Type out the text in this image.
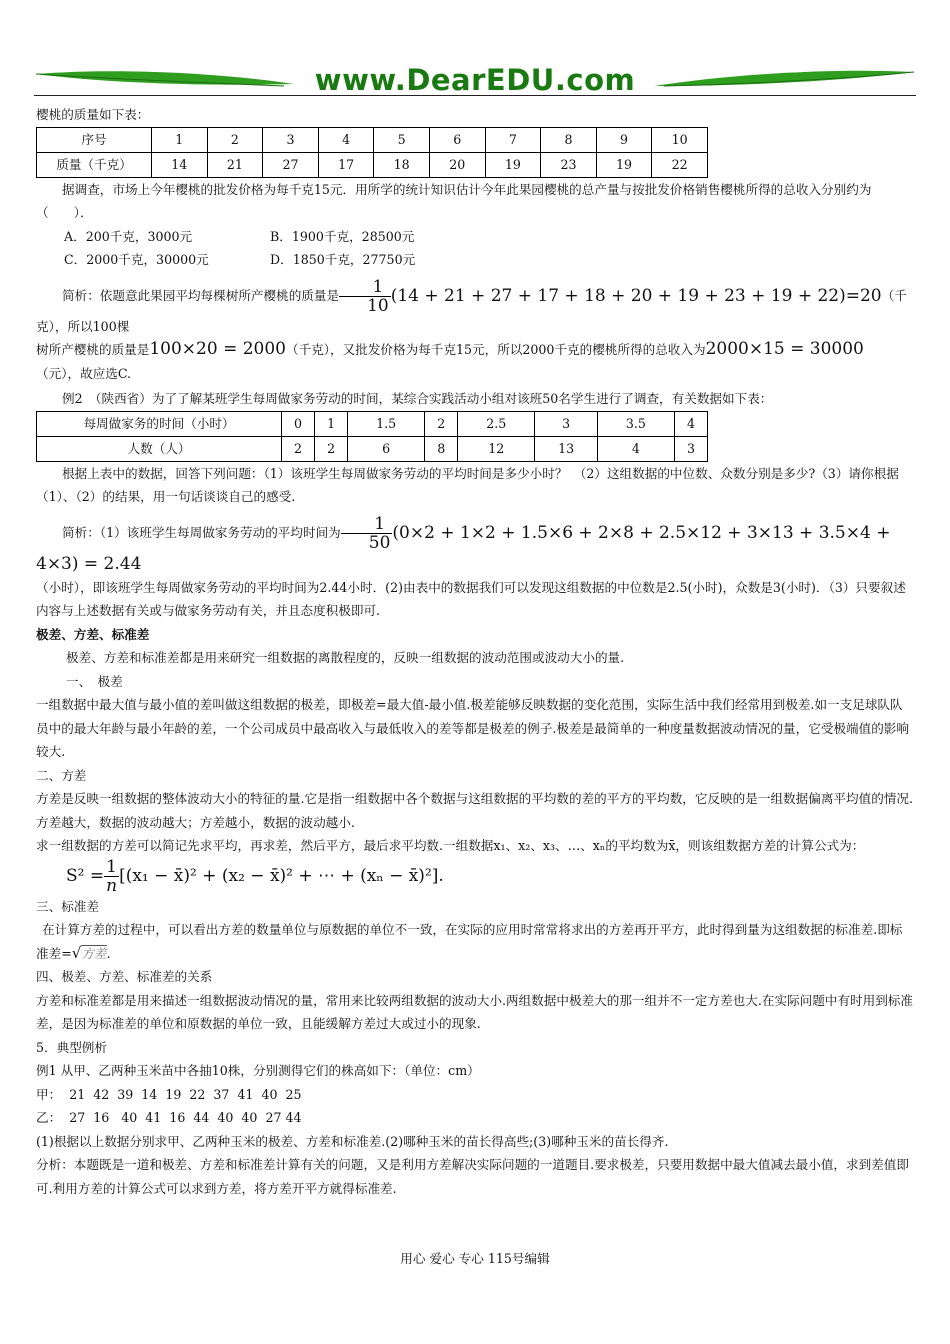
www.DearEDU.com

樱桃的质量如下表：

序号	1	2	3	4	5	6	7	8	9	10
质量（千克）	14	21	27	17	18	20	19	23	19	22

据调查，市场上今年樱桃的批发价格为每千克15元．用所学的统计知识估计今年此果园樱桃的总产量与按批发价格销售樱桃所得的总收入分别约为（　　）．

A．200千克，3000元	B．1900千克，28500元
C．2000千克，30000元	D．1850千克，27750元

简析：依题意此果园平均每棵树所产樱桃的质量是 $\frac{1}{10} (14 + 21 + 27 + 17 + 18 + 20 + 19 + 23 + 19 + 22)=20$（千克），所以100棵

树所产樱桃的质量是100×20 = 2000（千克），又批发价格为每千克15元，所以2000千克的樱桃所得的总收入为2000×15 = 30000

（元），故应选C.

例2　（陕西省）为了了解某班学生每周做家务劳动的时间，某综合实践活动小组对该班50名学生进行了调查，有关数据如下表：

每周做家务的时间（小时）	0	1	1.5	2	2.5	3	3.5	4
人数（人）	2	2	6	8	12	13	4	3

根据上表中的数据，回答下列问题：（1）该班学生每周做家务劳动的平均时间是多少小时？　（2）这组数据的中位数、众数分别是多少?（3）请你根据（1）、（2）的结果，用一句话谈谈自己的感受.

简析：（1）该班学生每周做家务劳动的平均时间为 $\frac{1}{50} (0\times 2 + 1\times 2 + 1.5\times 6 + 2\times 8 + 2.5\times 12 + 3\times 13 + 3.5\times 4 + 4\times 3) = 2.44$

（小时），即该班学生每周做家务劳动的平均时间为2.44小时．(2)由表中的数据我们可以发现这组数据的中位数是2.5(小时)，众数是3(小时)．（3）只要叙述内容与上述数据有关或与做家务劳动有关，并且态度积极即可.

极差、方差、标准差

极差、方差和标准差都是用来研究一组数据的离散程度的，反映一组数据的波动范围或波动大小的量.

一、　极差

一组数据中最大值与最小值的差叫做这组数据的极差，即极差=最大值-最小值.极差能够反映数据的变化范围，实际生活中我们经常用到极差.如一支足球队队员中的最大年龄与最小年龄的差，一个公司成员中最高收入与最低收入的差等都是极差的例子.极差是最简单的一种度量数据波动情况的量，它受极端值的影响较大.

二、方差

方差是反映一组数据的整体波动大小的特征的量.它是指一组数据中各个数据与这组数据的平均数的差的平方的平均数，它反映的是一组数据偏离平均值的情况.方差越大，数据的波动越大；方差越小，数据的波动越小.

求一组数据的方差可以简记先求平均，再求差，然后平方，最后求平均数.一组数据x₁、x₂、x₃、…、xₙ的平均数为x̄，则该组数据方差的计算公式为：

$S^2 = \frac{1}{n} [(x_1$ − x̄)² + (x₂ − x̄)² + ⋯ + (xₙ − x̄)²].

三、标准差

在计算方差的过程中，可以看出方差的数量单位与原数据的单位不一致，在实际的应用时常常将求出的方差再开平方，此时得到量为这组数据的标准差.即标准差=√方差.

四、极差、方差、标准差的关系

方差和标准差都是用来描述一组数据波动情况的量，常用来比较两组数据的波动大小.两组数据中极差大的那一组并不一定方差也大.在实际问题中有时用到标准差，是因为标准差的单位和原数据的单位一致，且能缓解方差过大或过小的现象.

5．典型例析

例1 从甲、乙两种玉米苗中各抽10株，分别测得它们的株高如下：（单位：cm）

甲：  21  42  39  14  19  22  37  41  40  25

乙：  27  16   40  41  16  44  40  40  27 44

(1)根据以上数据分别求甲、乙两种玉米的极差、方差和标准差.(2)哪种玉米的苗长得高些;(3)哪种玉米的苗长得齐.

分析：本题既是一道和极差、方差和标准差计算有关的问题，又是利用方差解决实际问题的一道题目.要求极差，只要用数据中最大值减去最小值，求到差值即可.利用方差的计算公式可以求到方差，将方差开平方就得标准差.

用心 爱心 专心 115号编辑
